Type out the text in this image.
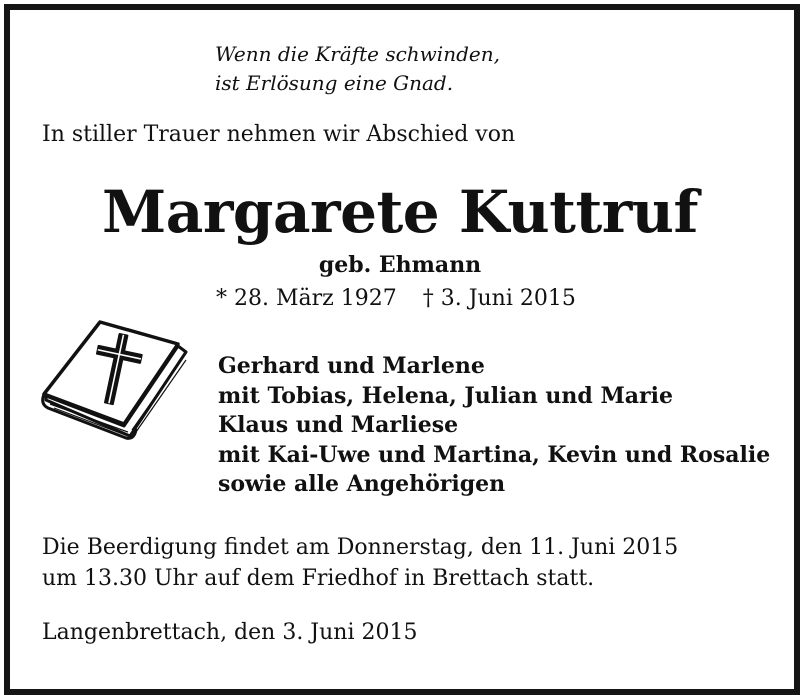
Wenn die Kräfte schwinden,
ist Erlösung eine Gnad.
In stiller Trauer nehmen wir Abschied von
Margarete Kuttruf
geb. Ehmann
* 28. März 1927 † 3. Juni 2015
Gerhard und Marlene
mit Tobias, Helena, Julian und Marie
Klaus und Marliese
mit Kai-Uwe und Martina, Kevin und Rosalie
sowie alle Angehörigen
Die Beerdigung findet am Donnerstag, den 11. Juni 2015
um 13.30 Uhr auf dem Friedhof in Brettach statt.
Langenbrettach, den 3. Juni 2015
